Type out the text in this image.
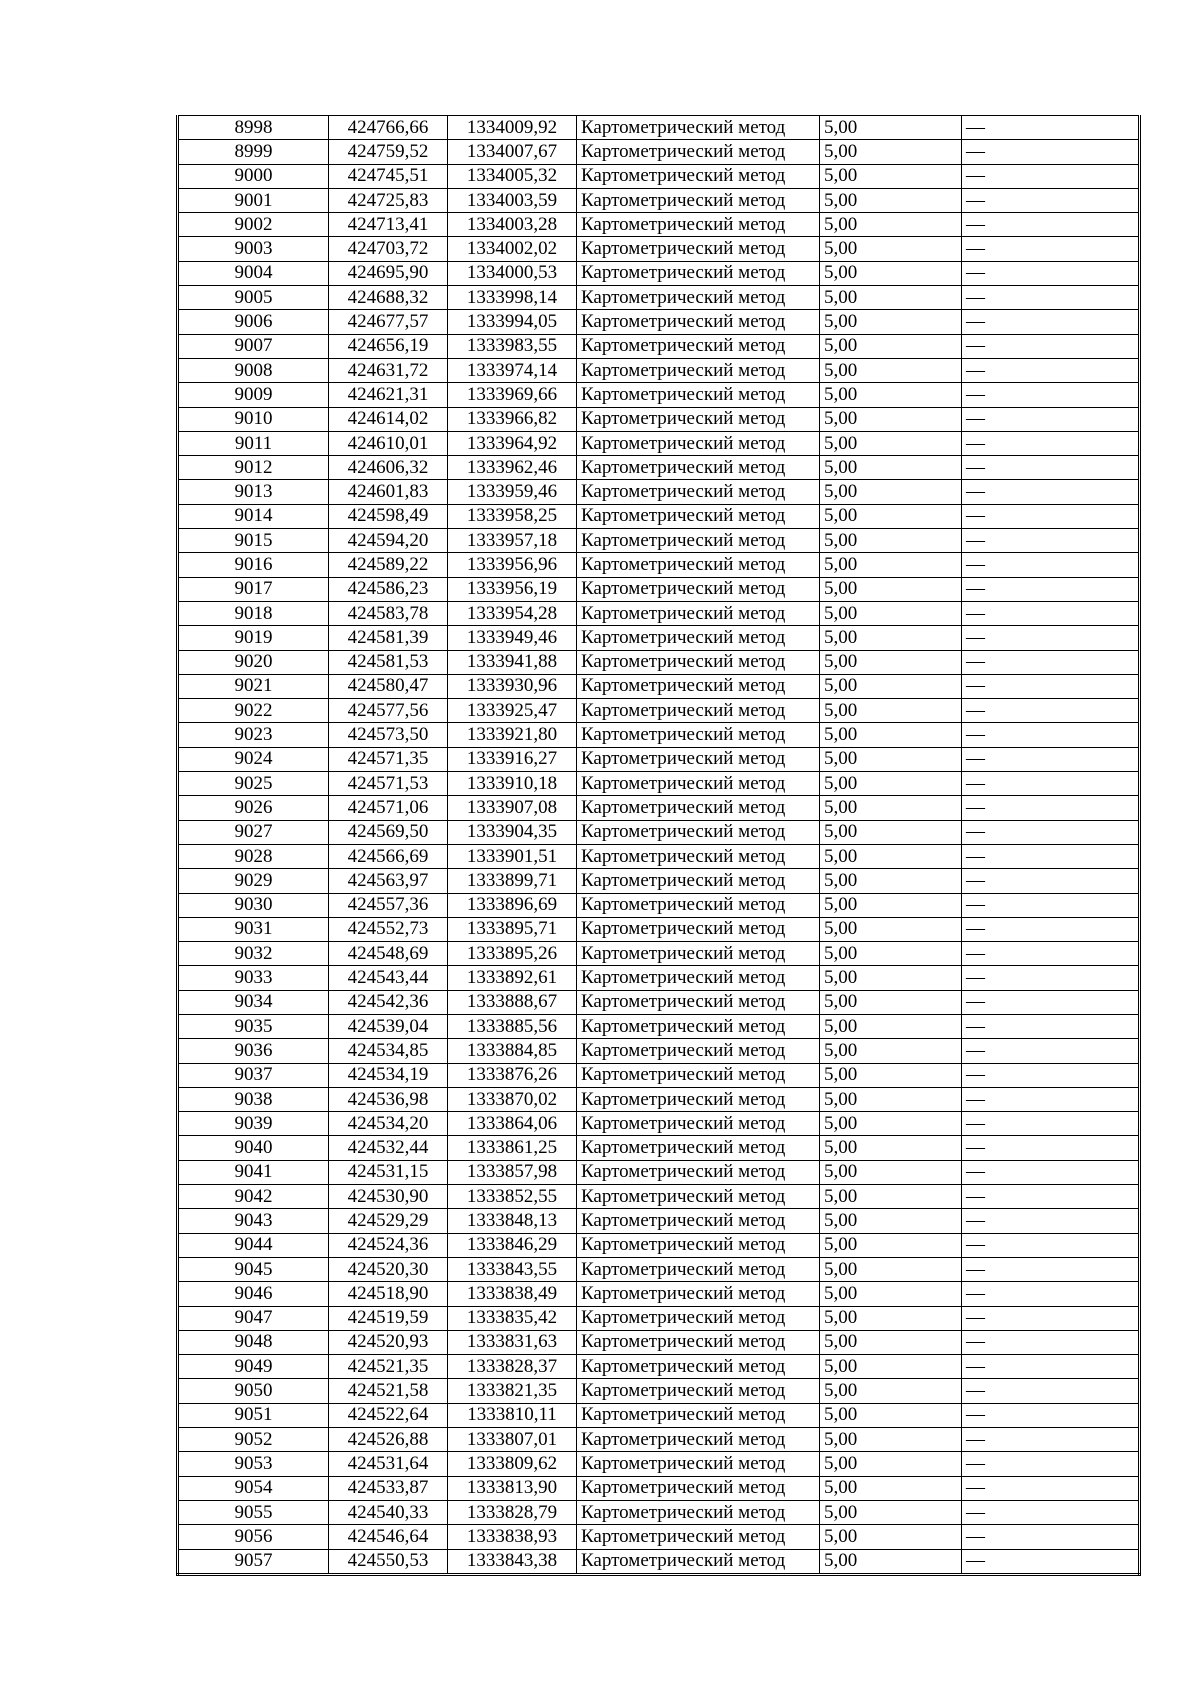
8998	424766,66	1334009,92	Картометрический метод	5,00	—
8999	424759,52	1334007,67	Картометрический метод	5,00	—
9000	424745,51	1334005,32	Картометрический метод	5,00	—
9001	424725,83	1334003,59	Картометрический метод	5,00	—
9002	424713,41	1334003,28	Картометрический метод	5,00	—
9003	424703,72	1334002,02	Картометрический метод	5,00	—
9004	424695,90	1334000,53	Картометрический метод	5,00	—
9005	424688,32	1333998,14	Картометрический метод	5,00	—
9006	424677,57	1333994,05	Картометрический метод	5,00	—
9007	424656,19	1333983,55	Картометрический метод	5,00	—
9008	424631,72	1333974,14	Картометрический метод	5,00	—
9009	424621,31	1333969,66	Картометрический метод	5,00	—
9010	424614,02	1333966,82	Картометрический метод	5,00	—
9011	424610,01	1333964,92	Картометрический метод	5,00	—
9012	424606,32	1333962,46	Картометрический метод	5,00	—
9013	424601,83	1333959,46	Картометрический метод	5,00	—
9014	424598,49	1333958,25	Картометрический метод	5,00	—
9015	424594,20	1333957,18	Картометрический метод	5,00	—
9016	424589,22	1333956,96	Картометрический метод	5,00	—
9017	424586,23	1333956,19	Картометрический метод	5,00	—
9018	424583,78	1333954,28	Картометрический метод	5,00	—
9019	424581,39	1333949,46	Картометрический метод	5,00	—
9020	424581,53	1333941,88	Картометрический метод	5,00	—
9021	424580,47	1333930,96	Картометрический метод	5,00	—
9022	424577,56	1333925,47	Картометрический метод	5,00	—
9023	424573,50	1333921,80	Картометрический метод	5,00	—
9024	424571,35	1333916,27	Картометрический метод	5,00	—
9025	424571,53	1333910,18	Картометрический метод	5,00	—
9026	424571,06	1333907,08	Картометрический метод	5,00	—
9027	424569,50	1333904,35	Картометрический метод	5,00	—
9028	424566,69	1333901,51	Картометрический метод	5,00	—
9029	424563,97	1333899,71	Картометрический метод	5,00	—
9030	424557,36	1333896,69	Картометрический метод	5,00	—
9031	424552,73	1333895,71	Картометрический метод	5,00	—
9032	424548,69	1333895,26	Картометрический метод	5,00	—
9033	424543,44	1333892,61	Картометрический метод	5,00	—
9034	424542,36	1333888,67	Картометрический метод	5,00	—
9035	424539,04	1333885,56	Картометрический метод	5,00	—
9036	424534,85	1333884,85	Картометрический метод	5,00	—
9037	424534,19	1333876,26	Картометрический метод	5,00	—
9038	424536,98	1333870,02	Картометрический метод	5,00	—
9039	424534,20	1333864,06	Картометрический метод	5,00	—
9040	424532,44	1333861,25	Картометрический метод	5,00	—
9041	424531,15	1333857,98	Картометрический метод	5,00	—
9042	424530,90	1333852,55	Картометрический метод	5,00	—
9043	424529,29	1333848,13	Картометрический метод	5,00	—
9044	424524,36	1333846,29	Картометрический метод	5,00	—
9045	424520,30	1333843,55	Картометрический метод	5,00	—
9046	424518,90	1333838,49	Картометрический метод	5,00	—
9047	424519,59	1333835,42	Картометрический метод	5,00	—
9048	424520,93	1333831,63	Картометрический метод	5,00	—
9049	424521,35	1333828,37	Картометрический метод	5,00	—
9050	424521,58	1333821,35	Картометрический метод	5,00	—
9051	424522,64	1333810,11	Картометрический метод	5,00	—
9052	424526,88	1333807,01	Картометрический метод	5,00	—
9053	424531,64	1333809,62	Картометрический метод	5,00	—
9054	424533,87	1333813,90	Картометрический метод	5,00	—
9055	424540,33	1333828,79	Картометрический метод	5,00	—
9056	424546,64	1333838,93	Картометрический метод	5,00	—
9057	424550,53	1333843,38	Картометрический метод	5,00	—
